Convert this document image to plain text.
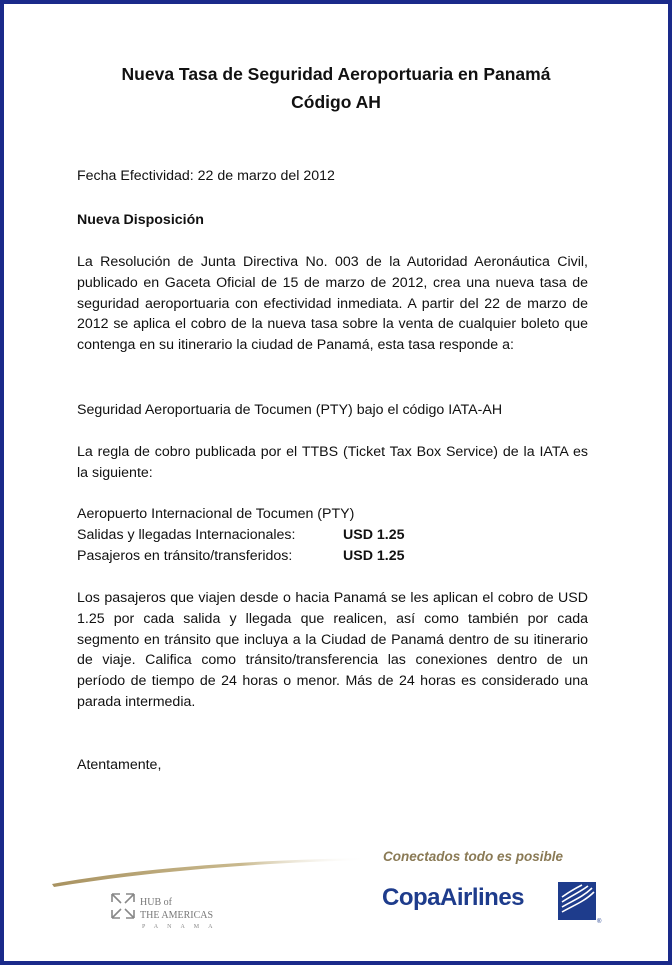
Nueva Tasa de Seguridad Aeroportuaria en Panamá
Código AH
Fecha Efectividad: 22 de marzo del 2012
Nueva Disposición

La Resolución de Junta Directiva No. 003 de la Autoridad Aeronáutica Civil, publicado en Gaceta Oficial de 15 de marzo de 2012, crea una nueva tasa de seguridad aeroportuaria con efectividad inmediata. A partir del 22 de marzo de 2012 se aplica el cobro de la nueva tasa sobre la venta de cualquier boleto que contenga en su itinerario la ciudad de Panamá, esta tasa responde a:

Seguridad Aeroportuaria de Tocumen (PTY) bajo el código IATA-AH

La regla de cobro publicada por el TTBS (Ticket Tax Box Service) de la IATA es la siguiente:

Aeropuerto Internacional de Tocumen (PTY)
Salidas y llegadas Internacionales:	USD 1.25
Pasajeros en tránsito/transferidos:	USD 1.25

Los pasajeros que viajen desde o hacia Panamá se les aplican el cobro de USD 1.25 por cada salida y llegada que realicen, así como también por cada segmento en tránsito que incluya a la Ciudad de Panamá dentro de su itinerario de viaje. Califica como tránsito/transferencia las conexiones dentro de un período de tiempo de 24 horas o menor. Más de 24 horas es considerado una parada intermedia.

Atentamente,
Conectados todo es posible
HUB of
THE AMERICAS
PANAMA
CopaAirlines
®
